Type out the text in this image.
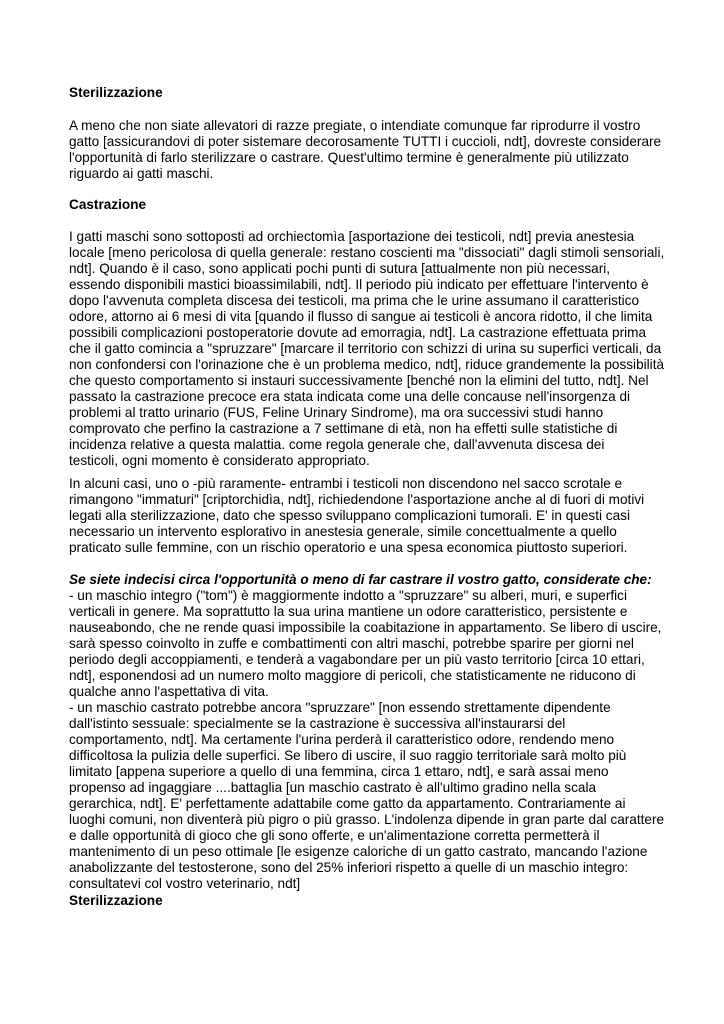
Sterilizzazione
A meno che non siate allevatori di razze pregiate, o intendiate comunque far riprodurre il vostro
gatto [assicurandovi di poter sistemare decorosamente TUTTI i cuccioli, ndt], dovreste considerare
l'opportunità di farlo sterilizzare o castrare. Quest'ultimo termine è generalmente più utilizzato
riguardo ai gatti maschi.
Castrazione
I gatti maschi sono sottoposti ad orchiectomìa [asportazione dei testicoli, ndt] previa anestesia
locale [meno pericolosa di quella generale: restano coscienti ma "dissociati" dagli stimoli sensoriali,
ndt]. Quando è il caso, sono applicati pochi punti di sutura [attualmente non più necessari,
essendo disponibili mastici bioassimilabili, ndt]. Il periodo più indicato per effettuare l'intervento è
dopo l'avvenuta completa discesa dei testicoli, ma prima che le urine assumano il caratteristico
odore, attorno ai 6 mesi di vita [quando il flusso di sangue ai testicoli è ancora ridotto, il che limita
possibili complicazioni postoperatorie dovute ad emorragia, ndt]. La castrazione effettuata prima
che il gatto comincia a "spruzzare" [marcare il territorio con schizzi di urina su superfici verticali, da
non confondersi con l'orinazione che è un problema medico, ndt], riduce grandemente la possibilità
che questo comportamento si instauri successivamente [benché non la elimini del tutto, ndt]. Nel
passato la castrazione precoce era stata indicata come una delle concause nell'insorgenza di
problemi al tratto urinario (FUS, Feline Urinary Sindrome), ma ora successivi studi hanno
comprovato che perfino la castrazione a 7 settimane di età, non ha effetti sulle statistiche di
incidenza relative a questa malattia. come regola generale che, dall'avvenuta discesa dei
testicoli, ogni momento è considerato appropriato.
In alcuni casi, uno o -più raramente- entrambi i testicoli non discendono nel sacco scrotale e
rimangono "immaturi" [criptorchidìa, ndt], richiedendone l'asportazione anche al di fuori di motivi
legati alla sterilizzazione, dato che spesso sviluppano complicazioni tumorali. E' in questi casi
necessario un intervento esplorativo in anestesia generale, simile concettualmente a quello
praticato sulle femmine, con un rischio operatorio e una spesa economica piuttosto superiori.
Se siete indecisi circa l'opportunità o meno di far castrare il vostro gatto, considerate che:
- un maschio integro ("tom") è maggiormente indotto a "spruzzare" su alberi, muri, e superfici
verticali in genere. Ma soprattutto la sua urina mantiene un odore caratteristico, persistente e
nauseabondo, che ne rende quasi impossibile la coabitazione in appartamento. Se libero di uscire,
sarà spesso coinvolto in zuffe e combattimenti con altri maschi, potrebbe sparire per giorni nel
periodo degli accoppiamenti, e tenderà a vagabondare per un più vasto territorio [circa 10 ettari,
ndt], esponendosi ad un numero molto maggiore di pericoli, che statisticamente ne riducono di
qualche anno l'aspettativa di vita.
- un maschio castrato potrebbe ancora "spruzzare" [non essendo strettamente dipendente
dall'istinto sessuale: specialmente se la castrazione è successiva all'instaurarsi del
comportamento, ndt]. Ma certamente l'urina perderà il caratteristico odore, rendendo meno
difficoltosa la pulizia delle superfici. Se libero di uscire, il suo raggio territoriale sarà molto più
limitato [appena superiore a quello di una femmina, circa 1 ettaro, ndt], e sarà assai meno
propenso ad ingaggiare ....battaglia [un maschio castrato è all'ultimo gradino nella scala
gerarchica, ndt]. E' perfettamente adattabile come gatto da appartamento. Contrariamente ai
luoghi comuni, non diventerà più pigro o più grasso. L'indolenza dipende in gran parte dal carattere
e dalle opportunità di gioco che gli sono offerte, e un'alimentazione corretta permetterà il
mantenimento di un peso ottimale [le esigenze caloriche di un gatto castrato, mancando l'azione
anabolizzante del testosterone, sono del 25% inferiori rispetto a quelle di un maschio integro:
consultatevi col vostro veterinario, ndt]
Sterilizzazione
